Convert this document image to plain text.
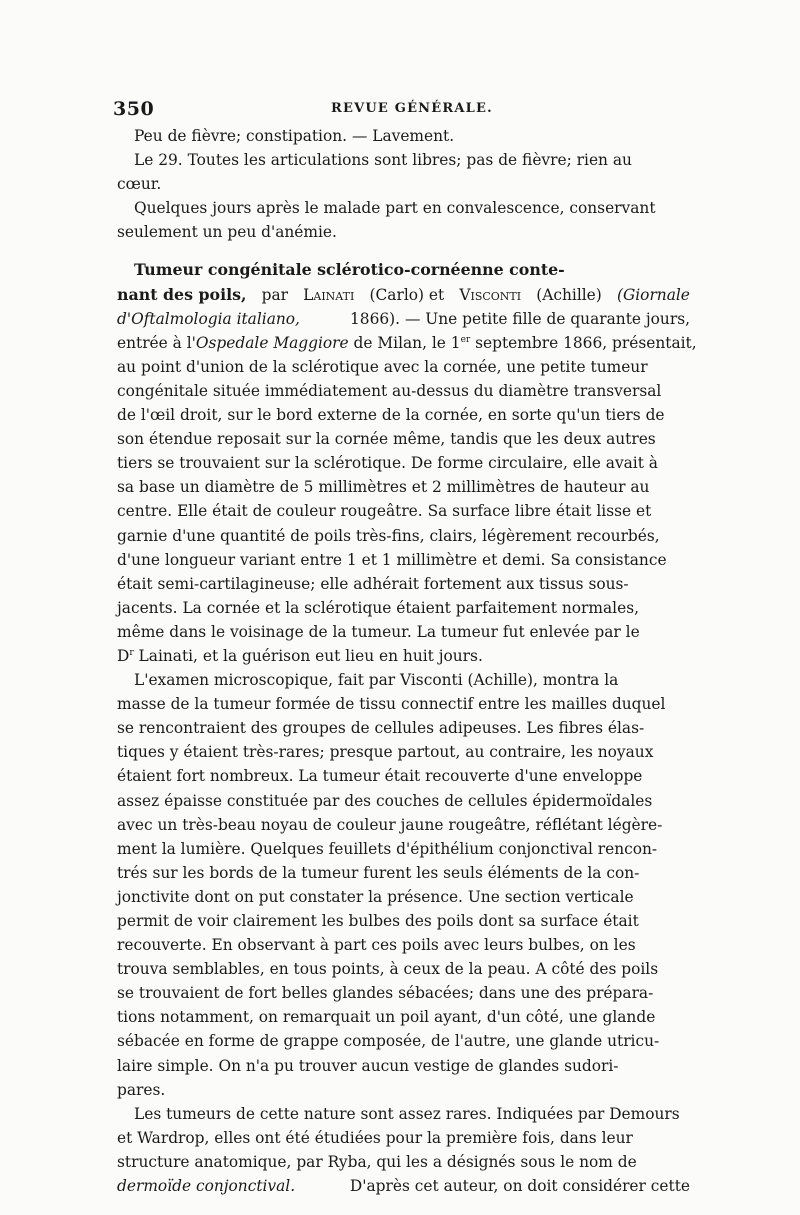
350	REVUE GÉNÉRALE.
Peu de fièvre; constipation. — Lavement.
Le 29. Toutes les articulations sont libres; pas de fièvre; rien au
cœur.
Quelques jours après le malade part en convalescence, conservant
seulement un peu d'anémie.
Tumeur congénitale sclérotico-cornéenne conte-
nant des poils, par Lainati (Carlo) et Visconti (Achille) (Giornale
d'Oftalmologia italiano,	1866). — Une petite fille de quarante jours,
entrée à l'Ospedale Maggiore de Milan, le 1er septembre 1866, présentait,
au point d'union de la sclérotique avec la cornée, une petite tumeur
congénitale située immédiatement au-dessus du diamètre transversal
de l'œil droit, sur le bord externe de la cornée, en sorte qu'un tiers de
son étendue reposait sur la cornée même, tandis que les deux autres
tiers se trouvaient sur la sclérotique. De forme circulaire, elle avait à
sa base un diamètre de 5 millimètres et 2 millimètres de hauteur au
centre. Elle était de couleur rougeâtre. Sa surface libre était lisse et
garnie d'une quantité de poils très-fins, clairs, légèrement recourbés,
d'une longueur variant entre 1 et 1 millimètre et demi. Sa consistance
était semi-cartilagineuse; elle adhérait fortement aux tissus sous-
jacents. La cornée et la sclérotique étaient parfaitement normales,
même dans le voisinage de la tumeur. La tumeur fut enlevée par le
$D^r$ Lainati, et la guérison eut lieu en huit jours.
L'examen microscopique, fait par Visconti (Achille), montra la
masse de la tumeur formée de tissu connectif entre les mailles duquel
se rencontraient des groupes de cellules adipeuses. Les fibres élas-
tiques y étaient très-rares; presque partout, au contraire, les noyaux
étaient fort nombreux. La tumeur était recouverte d'une enveloppe
assez épaisse constituée par des couches de cellules épidermoïdales
avec un très-beau noyau de couleur jaune rougeâtre, réflétant légère-
ment la lumière. Quelques feuillets d'épithélium conjonctival rencon-
trés sur les bords de la tumeur furent les seuls éléments de la con-
jonctivite dont on put constater la présence. Une section verticale
permit de voir clairement les bulbes des poils dont sa surface était
recouverte. En observant à part ces poils avec leurs bulbes, on les
trouva semblables, en tous points, à ceux de la peau. A côté des poils
se trouvaient de fort belles glandes sébacées; dans une des prépara-
tions notamment, on remarquait un poil ayant, d'un côté, une glande
sébacée en forme de grappe composée, de l'autre, une glande utricu-
laire simple. On n'a pu trouver aucun vestige de glandes sudori-
pares.
Les tumeurs de cette nature sont assez rares. Indiquées par Demours
et Wardrop, elles ont été étudiées pour la première fois, dans leur
structure anatomique, par Ryba, qui les a désignés sous le nom de
dermoïde conjonctival.	D'après cet auteur, on doit considérer cette
